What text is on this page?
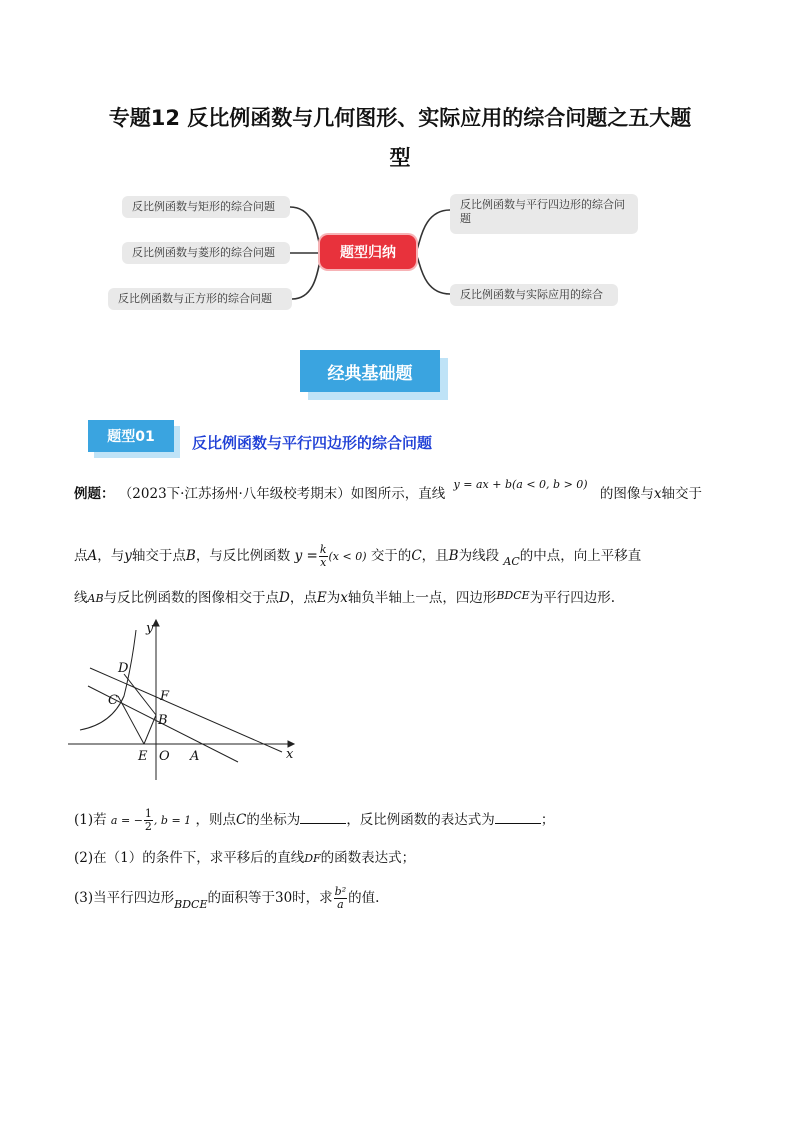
专题12 反比例函数与几何图形、实际应用的综合问题之五大题
型
反比例函数与矩形的综合问题
反比例函数与菱形的综合问题
反比例函数与正方形的综合问题
反比例函数与平行四边形的综合问题
反比例函数与实际应用的综合
题型归纳
经典基础题
题型01	反比例函数与平行四边形的综合问题
例题： （2023下·江苏扬州·八年级校考期末）如图所示，直线 $^{y = ax + b(a < 0, b > 0)}$ 的图像与x轴交于
点A，与y轴交于点B，与反比例函数 $y = \frac{k}{x} (x < 0)$ 交于的C，且B为线段 $_{AC}$的中点，向上平移直
线AB与反比例函数的图像相交于点D，点E为x轴负半轴上一点，四边形$^{BDCE}$为平行四边形.
y
x
D
C	F
B
E O A
(1)若 a = − $\frac{1}{2}$ , b = 1 ，则点C的坐标为	，反比例函数的表达式为	；
(2)在（1）的条件下，求平移后的直线DF的函数表达式；
(3)当平行四边形$_{BDCE}$的面积等于30时，求 $\frac{\text{b²}}{a}$ 的值.
